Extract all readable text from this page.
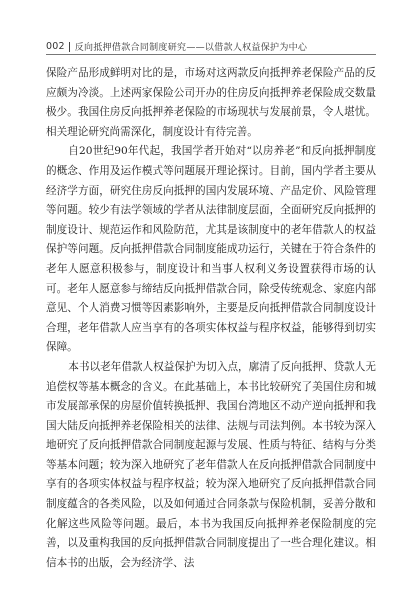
002 反向抵押借款合同制度研究——以借款人权益保护为中心

保险产品形成鲜明对比的是，市场对这两款反向抵押养老保险产品的反应颇为冷淡。上述两家保险公司开办的住房反向抵押养老保险成交数量极少。我国住房反向抵押养老保险的市场现状与发展前景，令人堪忧。相关理论研究尚需深化，制度设计有待完善。

自20世纪90年代起，我国学者开始对“以房养老”和反向抵押制度的概念、作用及运作模式等问题展开理论探讨。目前，国内学者主要从经济学方面，研究住房反向抵押的国内发展环境、产品定价、风险管理等问题。较少有法学领域的学者从法律制度层面，全面研究反向抵押的制度设计、规范运作和风险防范，尤其是该制度中的老年借款人的权益保护等问题。反向抵押借款合同制度能成功运行，关键在于符合条件的老年人愿意积极参与，制度设计和当事人权利义务设置获得市场的认可。老年人愿意参与缔结反向抵押借款合同，除受传统观念、家庭内部意见、个人消费习惯等因素影响外，主要是反向抵押借款合同制度设计合理，老年借款人应当享有的各项实体权益与程序权益，能够得到切实保障。

本书以老年借款人权益保护为切入点，廓清了反向抵押、贷款人无追偿权等基本概念的含义。在此基础上，本书比较研究了美国住房和城市发展部承保的房屋价值转换抵押、我国台湾地区不动产逆向抵押和我国大陆反向抵押养老保险相关的法律、法规与司法判例。本书较为深入地研究了反向抵押借款合同制度起源与发展、性质与特征、结构与分类等基本问题；较为深入地研究了老年借款人在反向抵押借款合同制度中享有的各项实体权益与程序权益；较为深入地研究了反向抵押借款合同制度蕴含的各类风险，以及如何通过合同条款与保险机制，妥善分散和化解这些风险等问题。最后，本书为我国反向抵押养老保险制度的完善，以及重构我国的反向抵押借款合同制度提出了一些合理化建议。相信本书的出版，会为经济学、法
